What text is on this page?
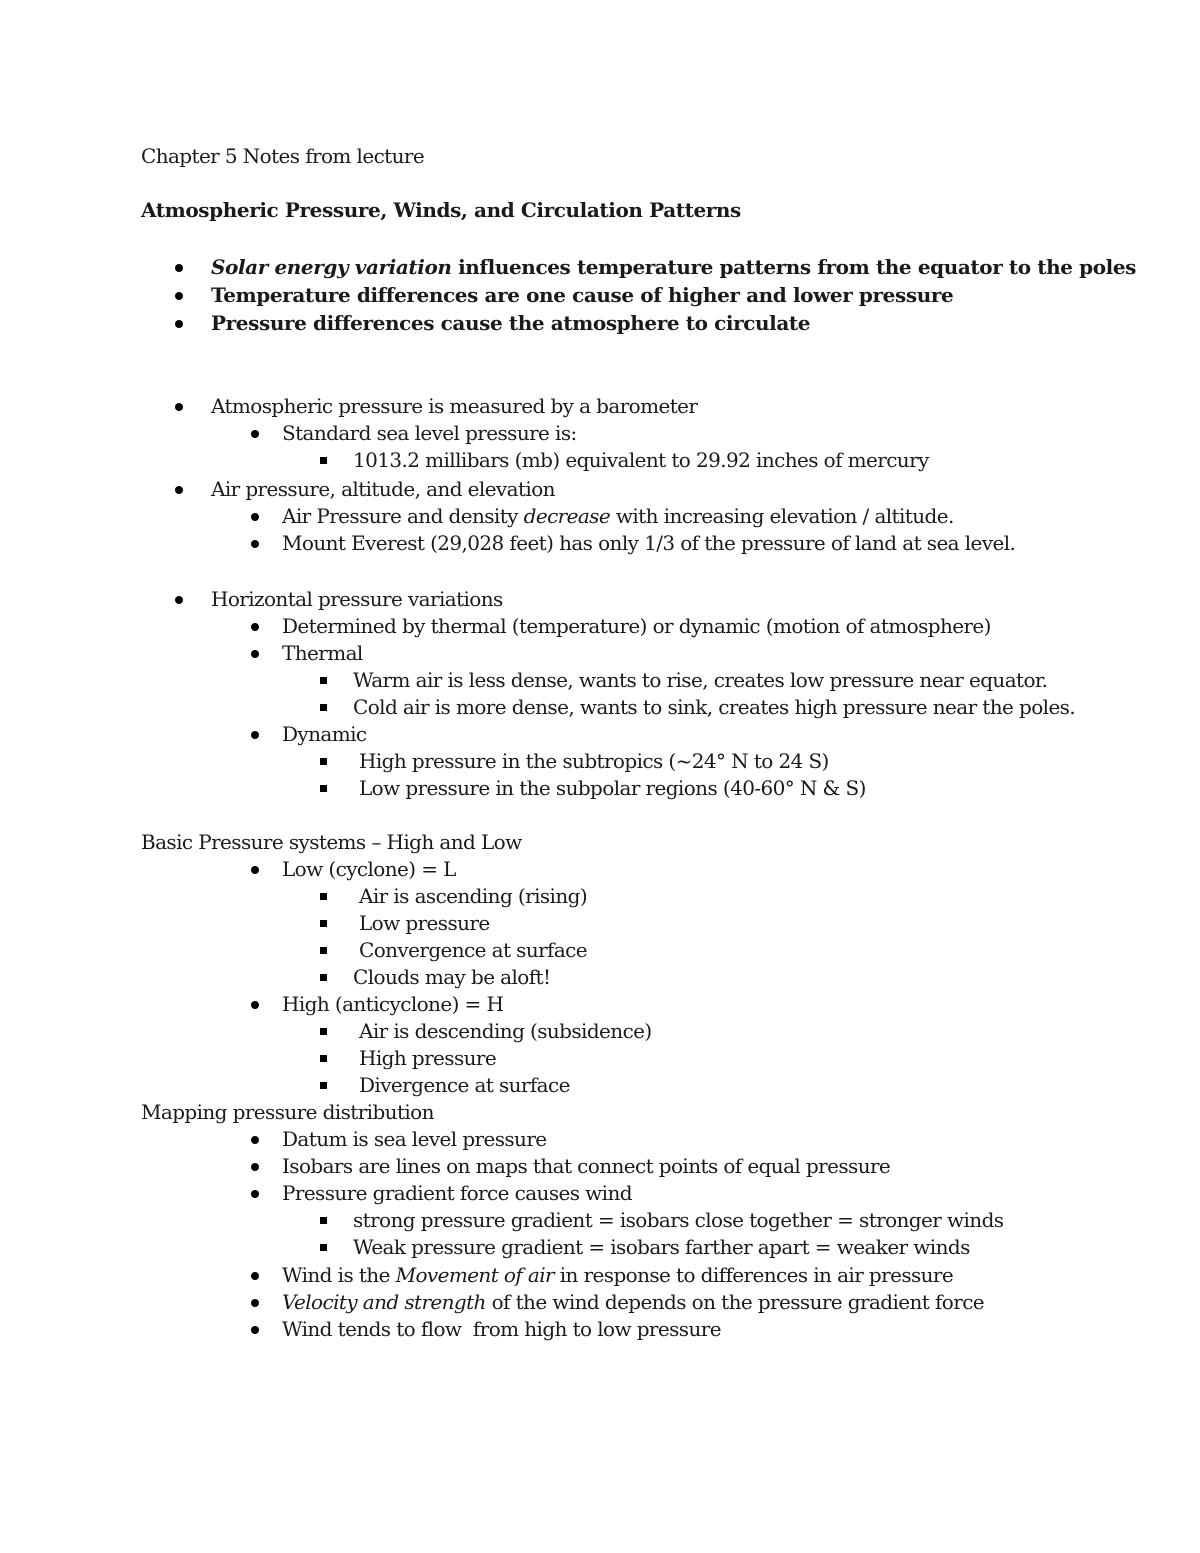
Chapter 5 Notes from lecture
Atmospheric Pressure, Winds, and Circulation Patterns
Solar energy variation influences temperature patterns from the equator to the poles
Temperature differences are one cause of higher and lower pressure
Pressure differences cause the atmosphere to circulate
Atmospheric pressure is measured by a barometer
Standard sea level pressure is:
1013.2 millibars (mb) equivalent to 29.92 inches of mercury
Air pressure, altitude, and elevation
Air Pressure and density decrease with increasing elevation / altitude.
Mount Everest (29,028 feet) has only 1/3 of the pressure of land at sea level.
Horizontal pressure variations
Determined by thermal (temperature) or dynamic (motion of atmosphere)
Thermal
Warm air is less dense, wants to rise, creates low pressure near equator.
Cold air is more dense, wants to sink, creates high pressure near the poles.
Dynamic
High pressure in the subtropics (~24° N to 24 S)
Low pressure in the subpolar regions (40-60° N & S)
Basic Pressure systems – High and Low
Low (cyclone) = L
Air is ascending (rising)
Low pressure
Convergence at surface
Clouds may be aloft!
High (anticyclone) = H
Air is descending (subsidence)
High pressure
Divergence at surface
Mapping pressure distribution
Datum is sea level pressure
Isobars are lines on maps that connect points of equal pressure
Pressure gradient force causes wind
strong pressure gradient = isobars close together = stronger winds
Weak pressure gradient = isobars farther apart = weaker winds
Wind is the Movement of air in response to differences in air pressure
Velocity and strength of the wind depends on the pressure gradient force
Wind tends to flow  from high to low pressure
